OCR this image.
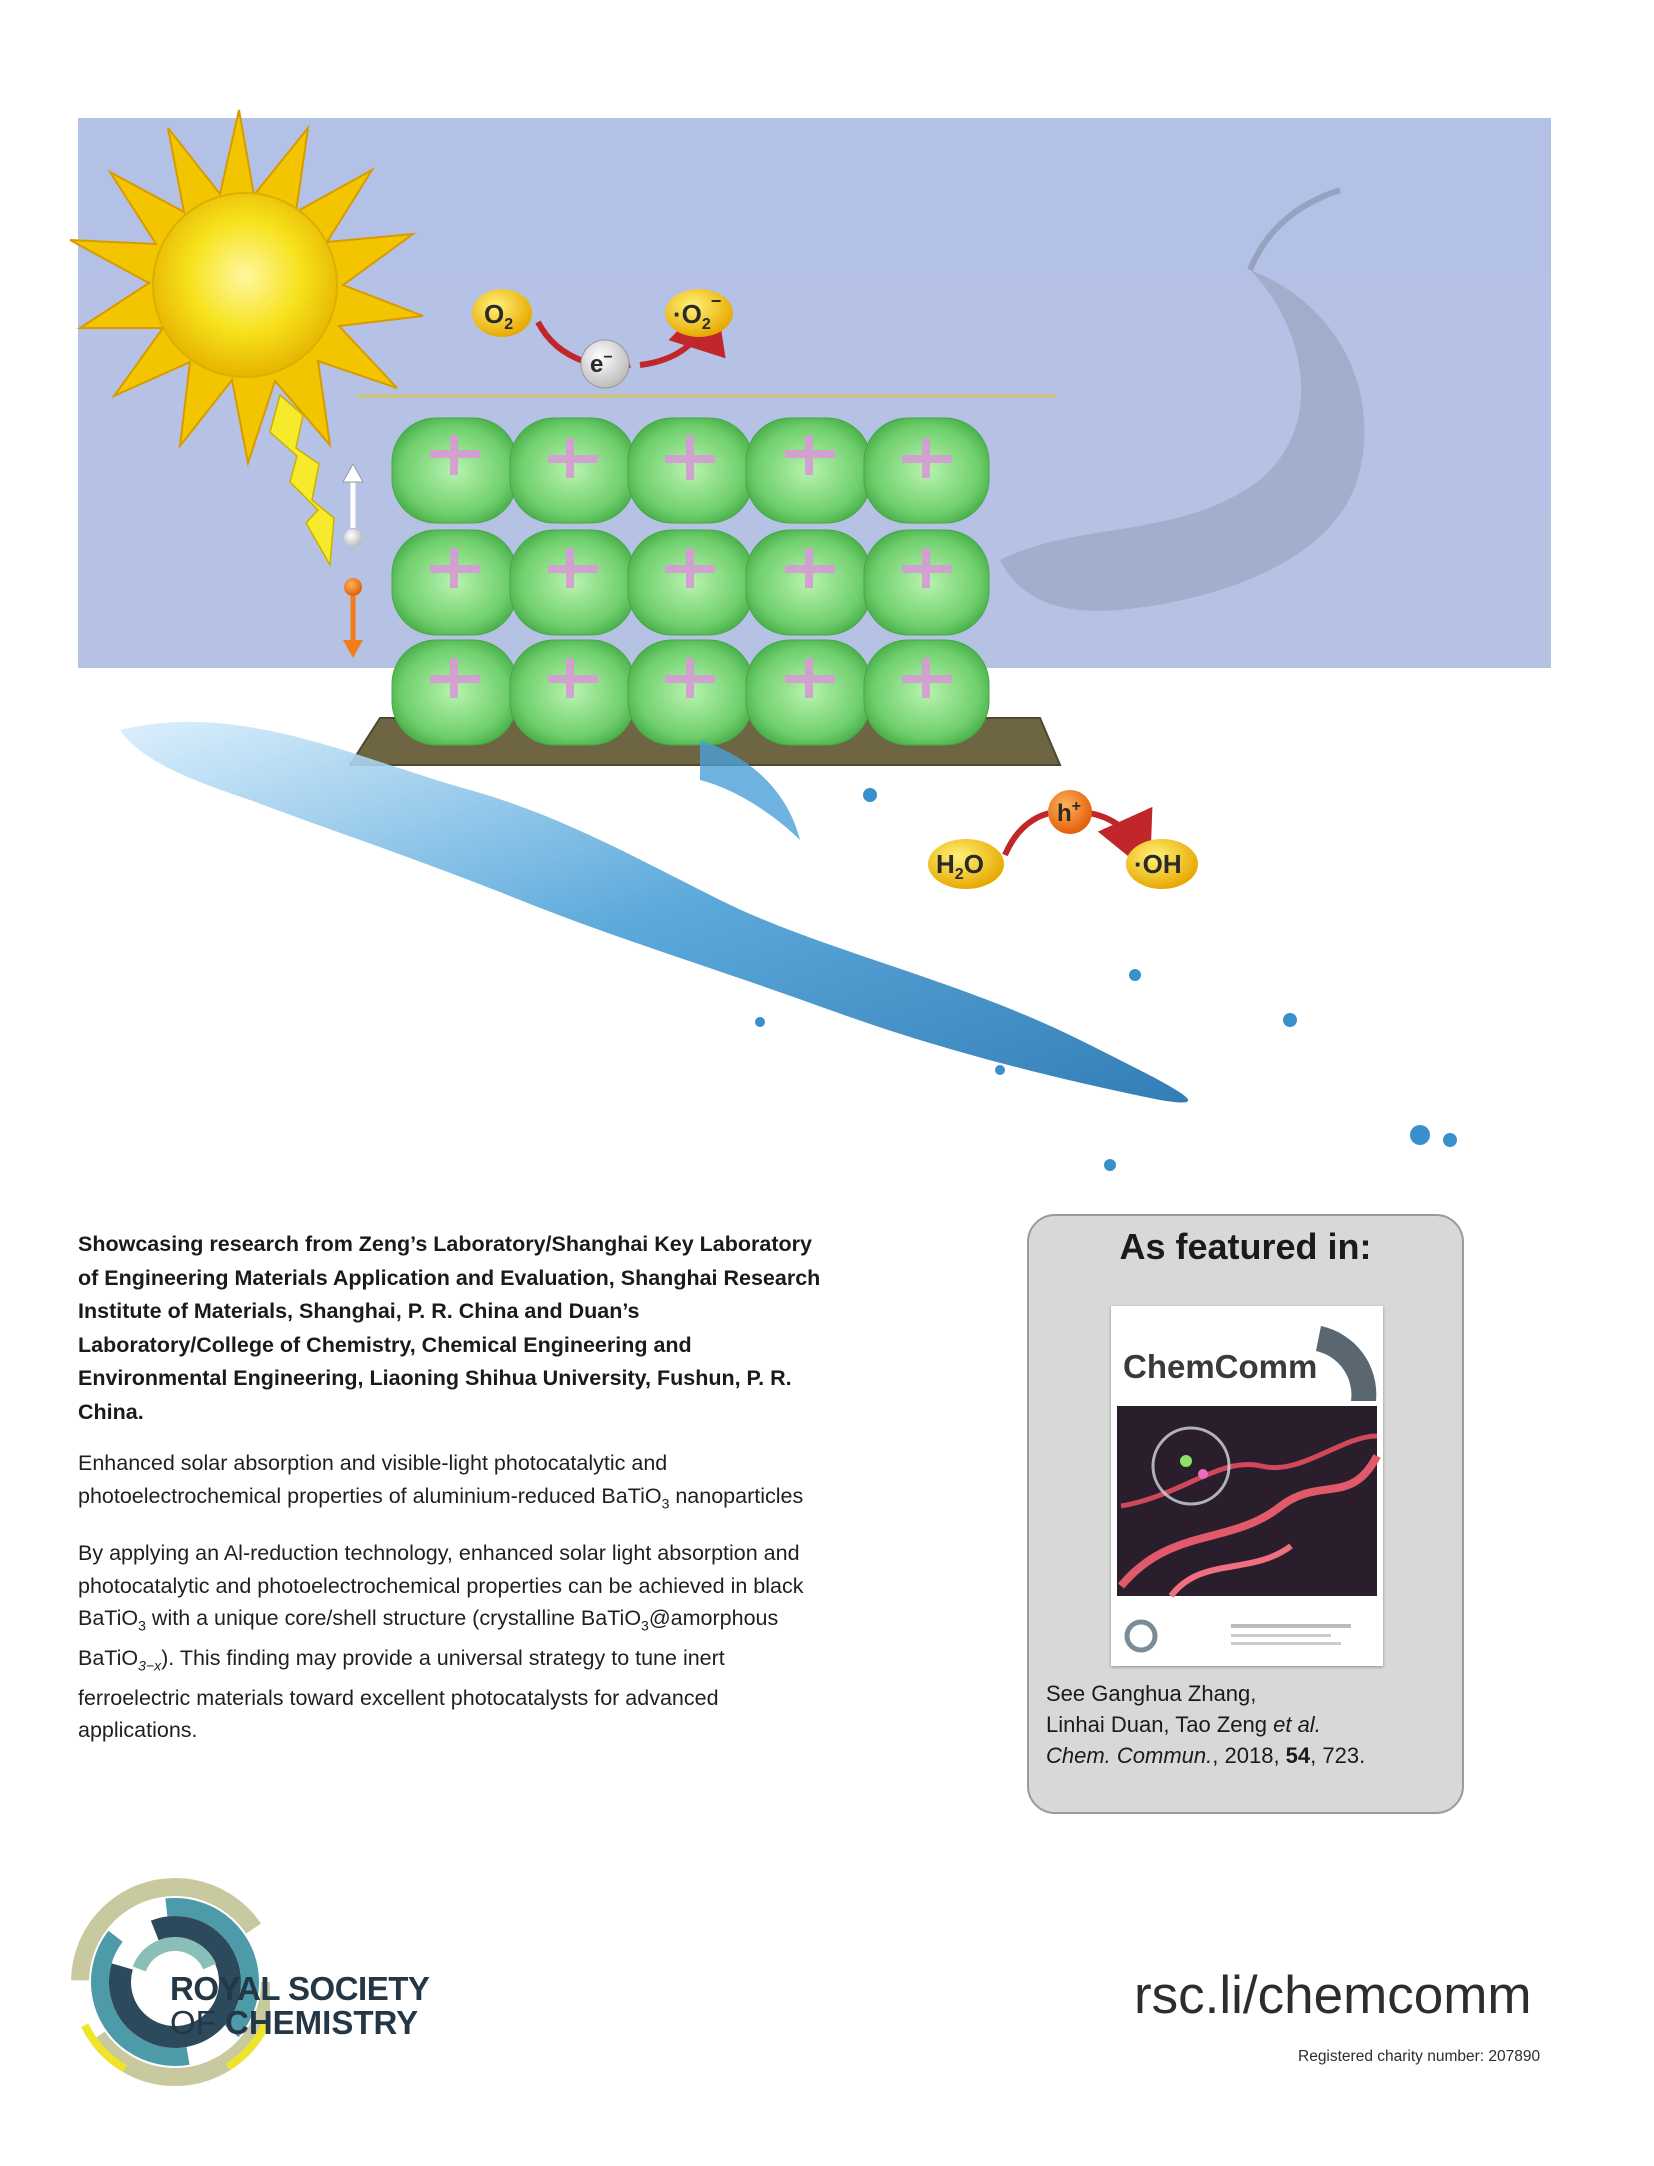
$O_2$	$\cdot O_2^-$
e−
h+
$H_2O$	·OH

Showcasing research from Zeng’s Laboratory/Shanghai Key Laboratory of Engineering Materials Application and Evaluation, Shanghai Research Institute of Materials, Shanghai, P. R. China and Duan’s Laboratory/College of Chemistry, Chemical Engineering and Environmental Engineering, Liaoning Shihua University, Fushun, P. R. China.

Enhanced solar absorption and visible-light photocatalytic and photoelectrochemical properties of aluminium-reduced BaTiO$_3$ nanoparticles

By applying an Al-reduction technology, enhanced solar light absorption and photocatalytic and photoelectrochemical properties can be achieved in black BaTiO$_3$ with a unique core/shell structure (crystalline BaTiO$_3$@amorphous BaTiO$_{3-x}$). This finding may provide a universal strategy to tune inert ferroelectric materials toward excellent photocatalysts for advanced applications.

As featured in:
ChemComm
See Ganghua Zhang,
Linhai Duan, Tao Zeng et al.
Chem. Commun., 2018, 54, 723.
ROYAL SOCIETY
OF CHEMISTRY	rsc.li/chemcomm
Registered charity number: 207890
